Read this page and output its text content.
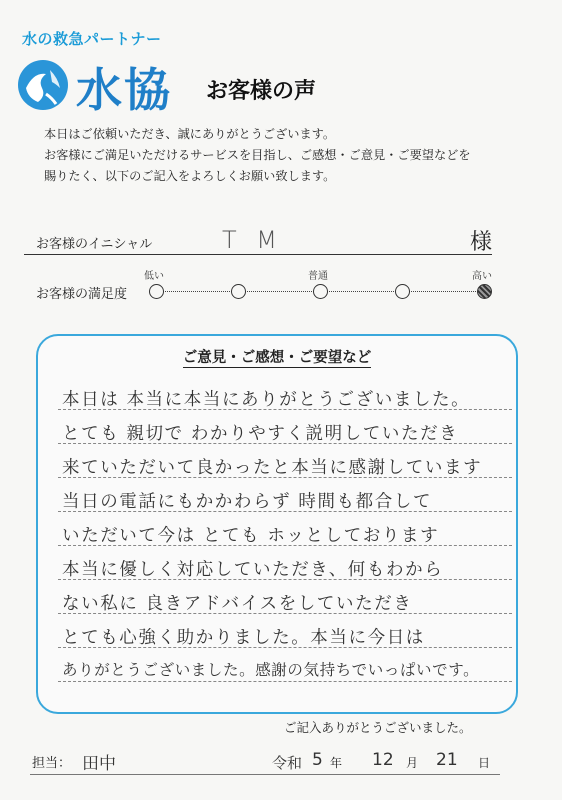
水の救急パートナー
水協 お客様の声
本日はご依頼いただき、誠にありがとうございます。
お客様にご満足いただけるサービスを目指し、ご感想・ご意見・ご要望などを
賜りたく、以下のご記入をよろしくお願い致します。
お客様のイニシャル	T M	様
お客様の満足度
低い	普通	高い
ご意見・ご感想・ご要望など
本日は 本当に本当にありがとうございました。
とても 親切で わかりやすく説明していただき
来ていただいて良かったと本当に感謝しています
当日の電話にもかかわらず 時間も都合して
いただいて今は とても ホッとしております
本当に優しく対応していただき、何もわから
ない私に 良きアドバイスをしていただき
とても心強く助かりました。本当に今日は
ありがとうございました。感謝の気持ちでいっぱいです。
ご記入ありがとうございました。
担当： 田中	令和 5 年 12 月 21 日
